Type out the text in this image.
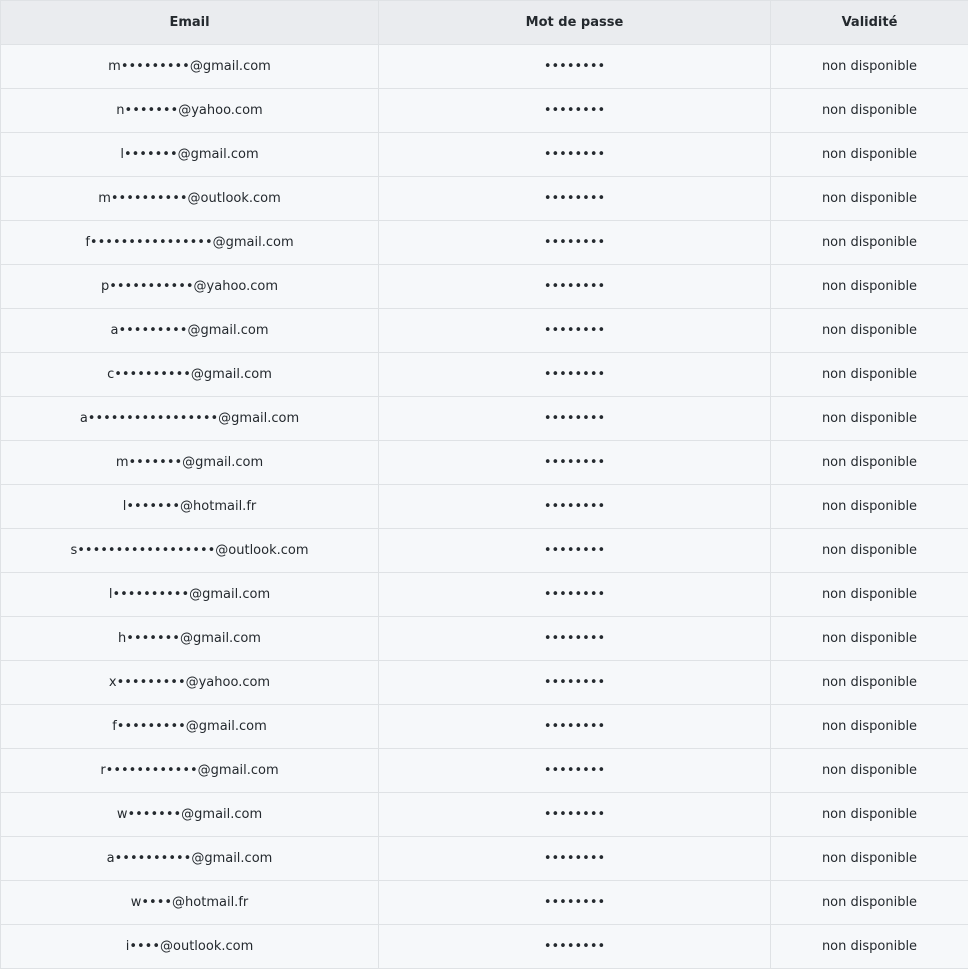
Email	Mot de passe	Validité
m•••••••••@gmail.com	••••••••	non disponible
n•••••••@yahoo.com	••••••••	non disponible
l•••••••@gmail.com	••••••••	non disponible
m••••••••••@outlook.com	••••••••	non disponible
f••••••••••••••••@gmail.com	••••••••	non disponible
p•••••••••••@yahoo.com	••••••••	non disponible
a•••••••••@gmail.com	••••••••	non disponible
c••••••••••@gmail.com	••••••••	non disponible
a•••••••••••••••••@gmail.com	••••••••	non disponible
m•••••••@gmail.com	••••••••	non disponible
l•••••••@hotmail.fr	••••••••	non disponible
s••••••••••••••••••@outlook.com	••••••••	non disponible
l••••••••••@gmail.com	••••••••	non disponible
h•••••••@gmail.com	••••••••	non disponible
x•••••••••@yahoo.com	••••••••	non disponible
f•••••••••@gmail.com	••••••••	non disponible
r••••••••••••@gmail.com	••••••••	non disponible
w•••••••@gmail.com	••••••••	non disponible
a••••••••••@gmail.com	••••••••	non disponible
w••••@hotmail.fr	••••••••	non disponible
i••••@outlook.com	••••••••	non disponible
